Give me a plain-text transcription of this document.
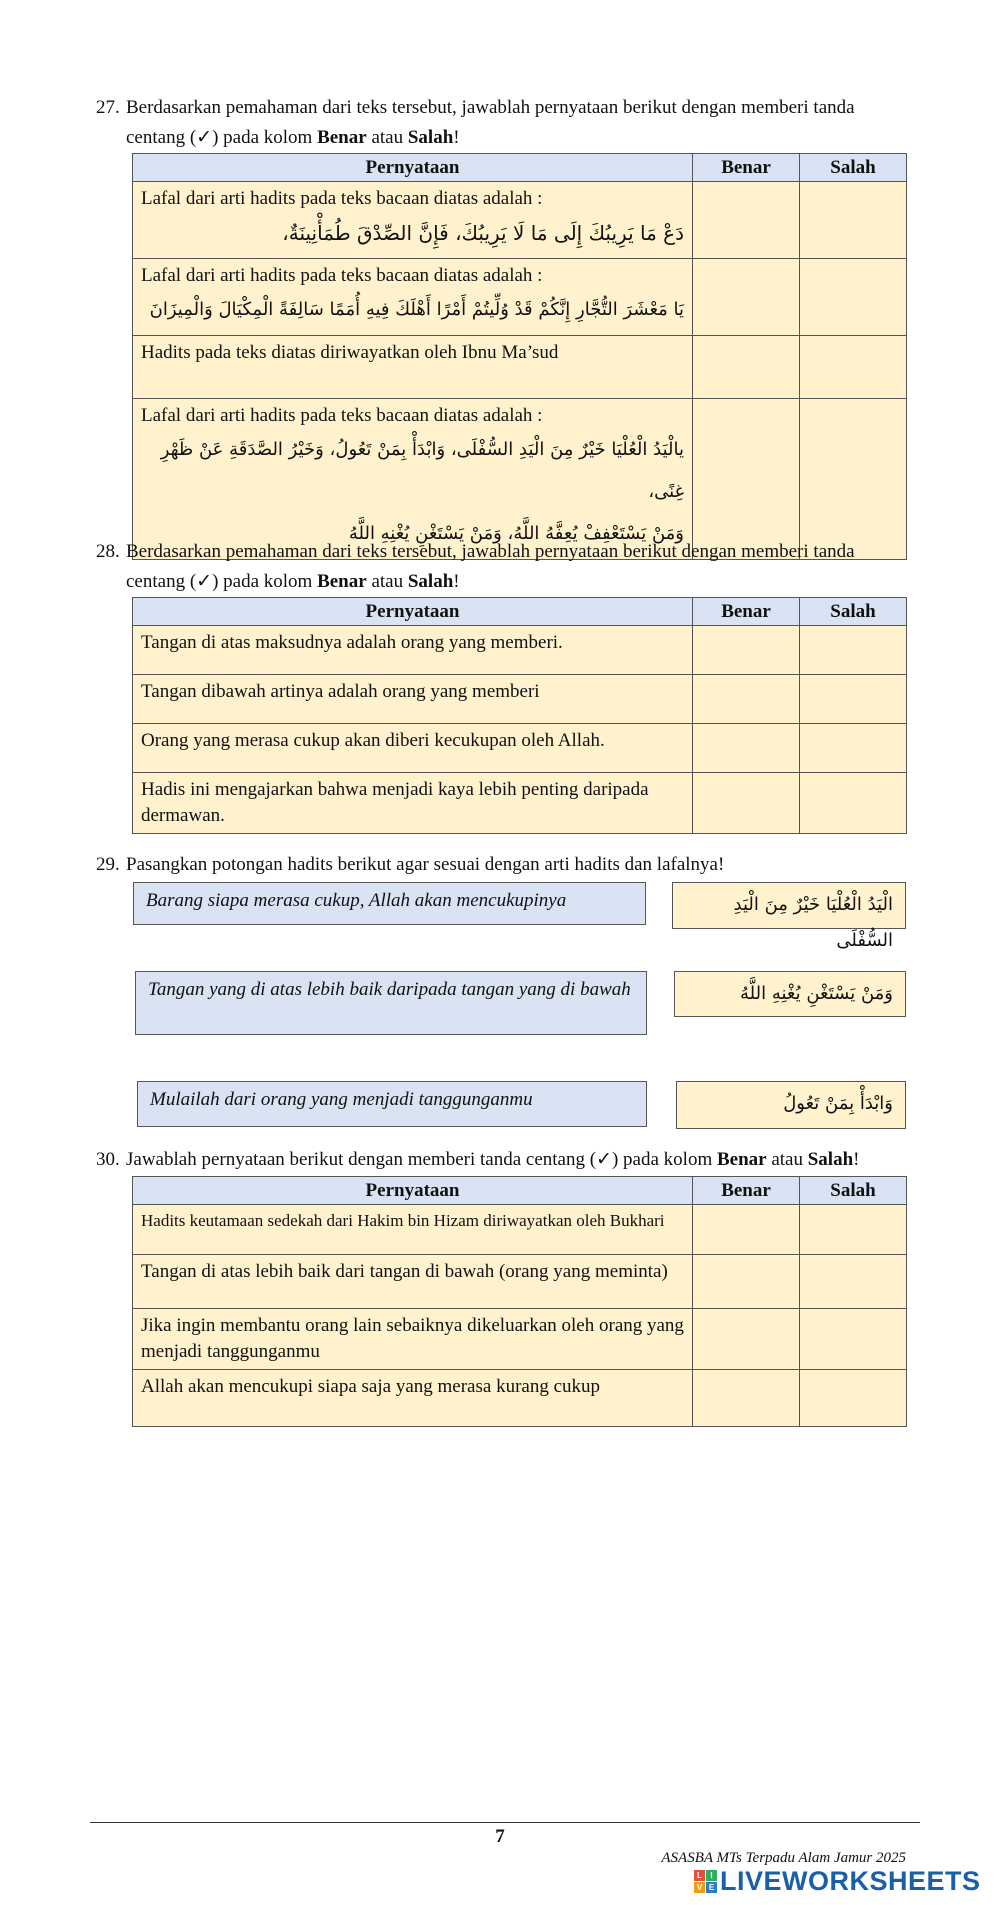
27. Berdasarkan pemahaman dari teks tersebut, jawablah pernyataan berikut dengan memberi tanda
centang (✓) pada kolom Benar atau Salah!
Pernyataan	Benar	Salah
Lafal dari arti hadits pada teks bacaan diatas adalah :
دَعْ مَا يَرِيبُكَ إِلَى مَا لَا يَرِيبُكَ، فَإِنَّ الصِّدْقَ طُمَأْنِينَةٌ،		

Lafal dari arti hadits pada teks bacaan diatas adalah :
يَا مَعْشَرَ التُّجَّارِ إِنَّكُمْ قَدْ وُلِّيتُمْ أَمْرًا أَهْلَكَ فِيهِ أُمَمًا سَالِفَةً الْمِكْيَالَ وَالْمِيزَانَ		

Hadits pada teks diatas diriwayatkan oleh Ibnu Ma’sud		
Lafal dari arti hadits pada teks bacaan diatas adalah :
يالْيَدُ الْعُلْيَا خَيْرٌ مِنَ الْيَدِ السُّفْلَى، وَابْدَأْ بِمَنْ تَعُولُ، وَخَيْرُ الصَّدَقَةِ عَنْ ظَهْرِ غِنًى،
وَمَنْ يَسْتَعْفِفْ يُعِفَّهُ اللَّهُ، وَمَنْ يَسْتَغْنِ يُغْنِهِ اللَّهُ		

28. Berdasarkan pemahaman dari teks tersebut, jawablah pernyataan berikut dengan memberi tanda
centang (✓) pada kolom Benar atau Salah!
Pernyataan	Benar	Salah
Tangan di atas maksudnya adalah orang yang memberi.		
Tangan dibawah artinya adalah orang yang memberi		
Orang yang merasa cukup akan diberi kecukupan oleh Allah.		
Hadis ini mengajarkan bahwa menjadi kaya lebih penting daripada dermawan.		
29. Pasangkan potongan hadits berikut agar sesuai dengan arti hadits dan lafalnya!
Barang siapa merasa cukup, Allah akan mencukupinya	الْيَدُ الْعُلْيَا خَيْرٌ مِنَ الْيَدِ السُّفْلَى
Tangan yang di atas lebih baik daripada tangan yang di bawah	وَمَنْ يَسْتَغْنِ يُغْنِهِ اللَّهُ
Mulailah dari orang yang menjadi tanggunganmu	وَابْدَأْ بِمَنْ تَعُولُ
30. Jawablah pernyataan berikut dengan memberi tanda centang (✓) pada kolom Benar atau Salah!
Pernyataan	Benar	Salah
Hadits keutamaan sedekah dari Hakim bin Hizam diriwayatkan oleh Bukhari		
Tangan di atas lebih baik dari tangan di bawah (orang yang meminta)		
Jika ingin membantu orang lain sebaiknya dikeluarkan oleh orang yang menjadi tanggunganmu		
Allah akan mencukupi siapa saja yang merasa kurang cukup		
7
ASASBA MTs Terpadu Alam Jamur 2025
L	I
V E LIVEWORKSHEETS
